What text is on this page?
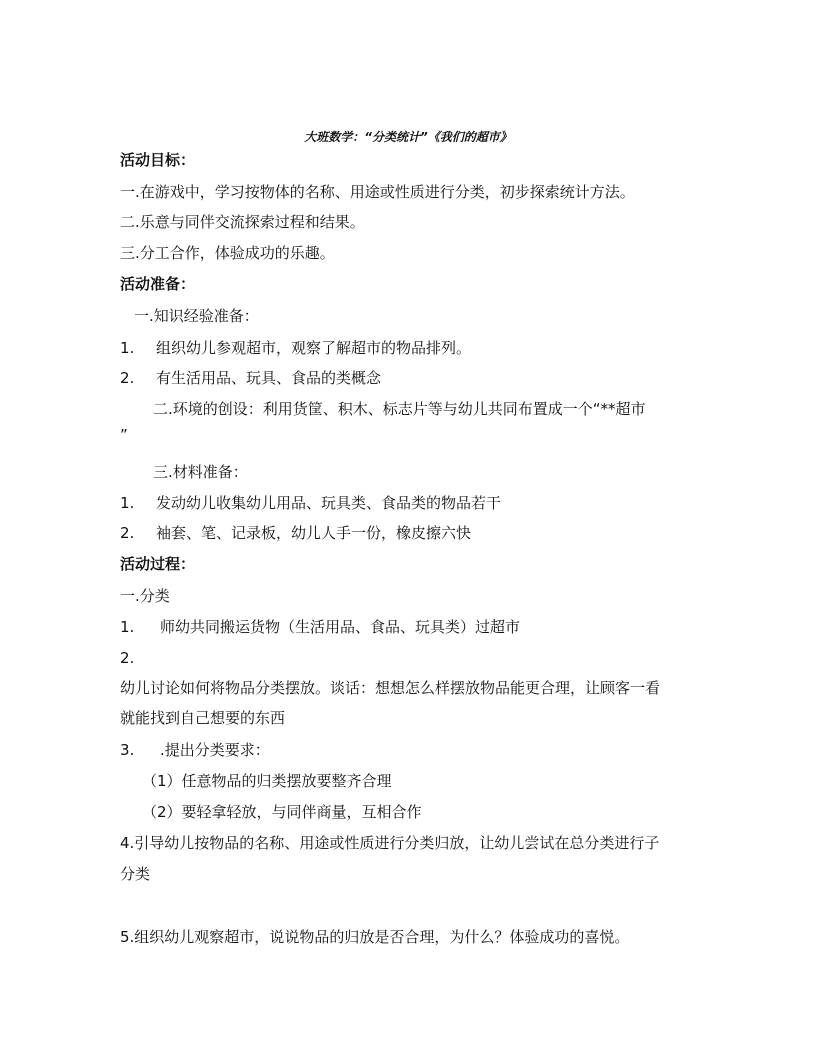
大班数学：“分类统计”《我们的超市》
活动目标：
一.在游戏中，学习按物体的名称、用途或性质进行分类，初步探索统计方法。
二.乐意与同伴交流探索过程和结果。
三.分工合作，体验成功的乐趣。
活动准备：
一.知识经验准备：
1. 组织幼儿参观超市，观察了解超市的物品排列。
2. 有生活用品、玩具、食品的类概念
二.环境的创设：利用货筐、积木、标志片等与幼儿共同布置成一个“**超市
”
三.材料准备：
1. 发动幼儿收集幼儿用品、玩具类、食品类的物品若干
2. 袖套、笔、记录板，幼儿人手一份，橡皮擦六快
活动过程：
一.分类
1. 师幼共同搬运货物（生活用品、食品、玩具类）过超市
2.
幼儿讨论如何将物品分类摆放。谈话：想想怎么样摆放物品能更合理，让顾客一看
就能找到自己想要的东西
3. .提出分类要求：
（1）任意物品的归类摆放要整齐合理
（2）要轻拿轻放，与同伴商量，互相合作
4.引导幼儿按物品的名称、用途或性质进行分类归放，让幼儿尝试在总分类进行子
分类
5.组织幼儿观察超市，说说物品的归放是否合理，为什么？体验成功的喜悦。
